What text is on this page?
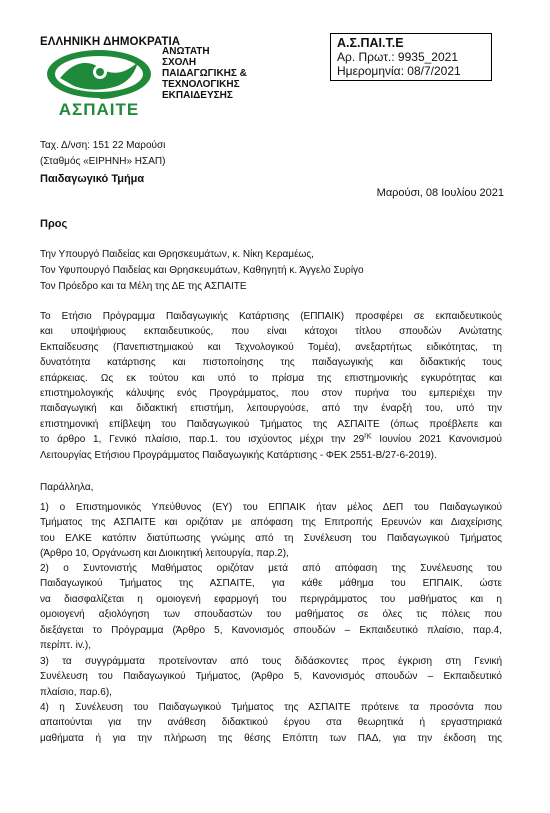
ΕΛΛΗΝΙΚΗ ΔΗΜΟΚΡΑΤΙΑ
ΑΣΠΑΙΤΕ
ΑΝΩΤΑΤΗ
ΣΧΟΛΗ
ΠΑΙΔΑΓΩΓΙΚΗΣ &
ΤΕΧΝΟΛΟΓΙΚΗΣ
ΕΚΠΑΙΔΕΥΣΗΣ
Α.Σ.ΠΑΙ.Τ.Ε
Αρ. Πρωτ.: 9935_2021
Ημερομηνία: 08/7/2021
Ταχ. Δ/νση: 151 22 Μαρούσι
(Σταθμός «ΕΙΡΗΝΗ» ΗΣΑΠ)
Παιδαγωγικό Τμήμα
Μαρούσι, 08 Ιουλίου 2021
Προς
Την Υπουργό Παιδείας και Θρησκευμάτων, κ. Νίκη Κεραμέως,
Τον Υφυπουργό Παιδείας και Θρησκευμάτων, Καθηγητή κ. Άγγελο Συρίγο
Τον Πρόεδρο και τα Μέλη της ΔΕ της ΑΣΠΑΙΤΕ
Το Ετήσιο Πρόγραμμα Παιδαγωγικής Κατάρτισης (ΕΠΠΑΙΚ) προσφέρει σε εκπαιδευτικούς
και υποψήφιους εκπαιδευτικούς, που είναι κάτοχοι τίτλου σπουδών Ανώτατης
Εκπαίδευσης (Πανεπιστημιακού και Τεχνολογικού Τομέα), ανεξαρτήτως ειδικότητας, τη
δυνατότητα κατάρτισης και πιστοποίησης της παιδαγωγικής και διδακτικής τους
επάρκειας. Ως εκ τούτου και υπό το πρίσμα της επιστημονικής εγκυρότητας και
επιστημολογικής κάλυψης ενός Προγράμματος, που στον πυρήνα του εμπεριέχει την
παιδαγωγική και διδακτική επιστήμη, λειτουργούσε, από την έναρξή του, υπό την
επιστημονική επίβλεψη του Παιδαγωγικού Τμήματος της ΑΣΠΑΙΤΕ (όπως προέβλεπε και
το άρθρο 1, Γενικό πλαίσιο, παρ.1. του ισχύοντος μέχρι την $29^{\eta\varsigma}$ Ιουνίου 2021 Κανονισμού
Λειτουργίας Ετήσιου Προγράμματος Παιδαγωγικής Κατάρτισης - ΦΕΚ 2551-Β/27-6-2019).
Παράλληλα,
1) ο Επιστημονικός Υπεύθυνος (ΕΥ) του ΕΠΠΑΙΚ ήταν μέλος ΔΕΠ του Παιδαγωγικού
Τμήματος της ΑΣΠΑΙΤΕ και οριζόταν με απόφαση της Επιτροπής Ερευνών και Διαχείρισης
του ΕΛΚΕ κατόπιν διατύπωσης γνώμης από τη Συνέλευση του Παιδαγωγικού Τμήματος
(Άρθρο 10, Οργάνωση και Διοικητική λειτουργία, παρ.2),
2) ο Συντονιστής Μαθήματος οριζόταν μετά από απόφαση της Συνέλευσης του
Παιδαγωγικού Τμήματος της ΑΣΠΑΙΤΕ, για κάθε μάθημα του ΕΠΠΑΙΚ, ώστε
να διασφαλίζεται η ομοιογενή εφαρμογή του περιγράμματος του μαθήματος και η
ομοιογενή αξιολόγηση των σπουδαστών του μαθήματος σε όλες τις πόλεις που
διεξάγεται το Πρόγραμμα (Άρθρο 5, Κανονισμός σπουδών – Εκπαιδευτικό πλαίσιο, παρ.4,
περίπτ. iv.),
3) τα συγγράμματα προτείνονταν από τους διδάσκοντες προς έγκριση στη Γενική
Συνέλευση του Παιδαγωγικού Τμήματος, (Άρθρο 5, Κανονισμός σπουδών – Εκπαιδευτικό
πλαίσιο, παρ.6),
4) η Συνέλευση του Παιδαγωγικού Τμήματος της ΑΣΠΑΙΤΕ πρότεινε τα προσόντα που
απαιτούνται για την ανάθεση διδακτικού έργου στα θεωρητικά ή εργαστηριακά
μαθήματα ή για την πλήρωση της θέσης Επόπτη των ΠΑΔ, για την έκδοση της
